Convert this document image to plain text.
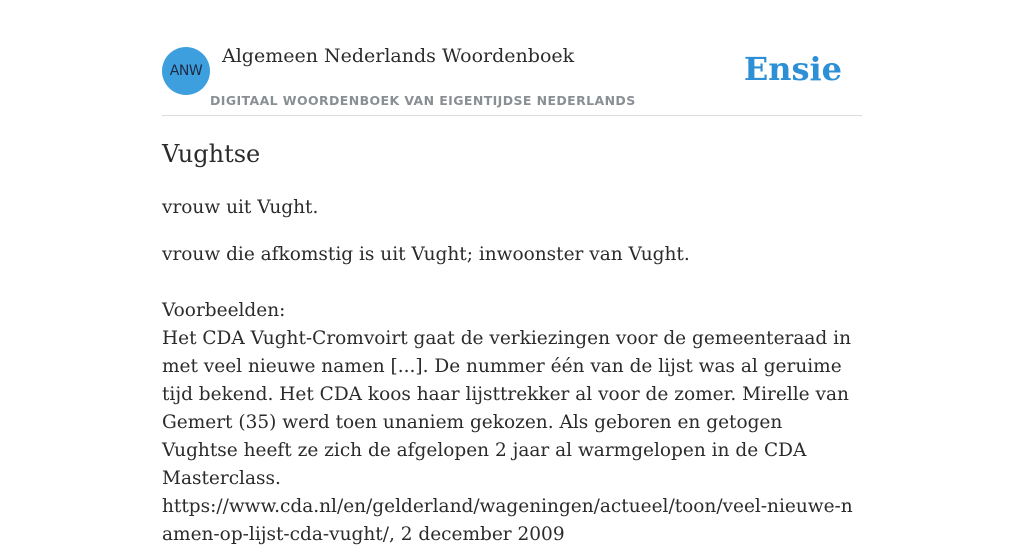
ANW
Algemeen Nederlands Woordenboek
DIGITAAL WOORDENBOEK VAN EIGENTIJDSE NEDERLANDS
Ensie
Vughtse

vrouw uit Vught.

vrouw die afkomstig is uit Vught; inwoonster van Vught.

Voorbeelden:

Het CDA Vught-Cromvoirt gaat de verkiezingen voor de gemeenteraad in met veel nieuwe namen [...]. De nummer één van de lijst was al geruime tijd bekend. Het CDA koos haar lijsttrekker al voor de zomer. Mirelle van Gemert (35) werd toen unaniem gekozen. Als geboren en getogen Vughtse heeft ze zich de afgelopen 2 jaar al warmgelopen in de CDA Masterclass.

https://www.cda.nl/en/gelderland/wageningen/actueel/toon/veel-nieuwe-namen-op-lijst-cda-vught/, 2 december 2009
